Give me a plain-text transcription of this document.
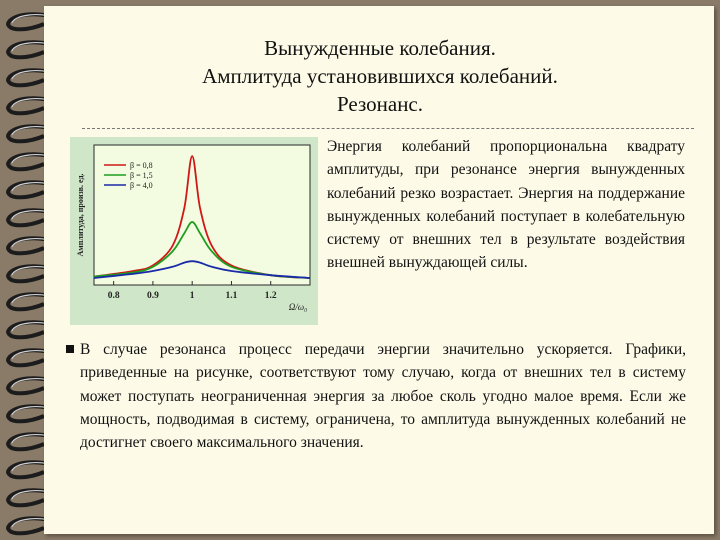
Вынужденные колебания.
Амплитуда установившихся колебаний.
Резонанс.
0.8	0.9	1	1.1	1.2
Ω/ω₀
Амплитуда, произв. ед.
β = 0,8
β = 1,5
β = 4,0
Энергия колебаний пропорциональна квадрату амплитуды, при резонансе энергия вынужденных колебаний резко возрастает. Энергия на поддержание вынужденных колебаний поступает в колебательную систему от внешних тел в результате воздействия внешней вынуждающей силы.
В случае резонанса процесс передачи энергии значительно ускоряется. Графики, приведенные на рисунке, соответствуют тому случаю, когда от внешних тел в систему может поступать неограниченная энергия за любое сколь угодно малое время. Если же мощность, подводимая в систему, ограничена, то амплитуда вынужденных колебаний не достигнет своего максимального значения.
